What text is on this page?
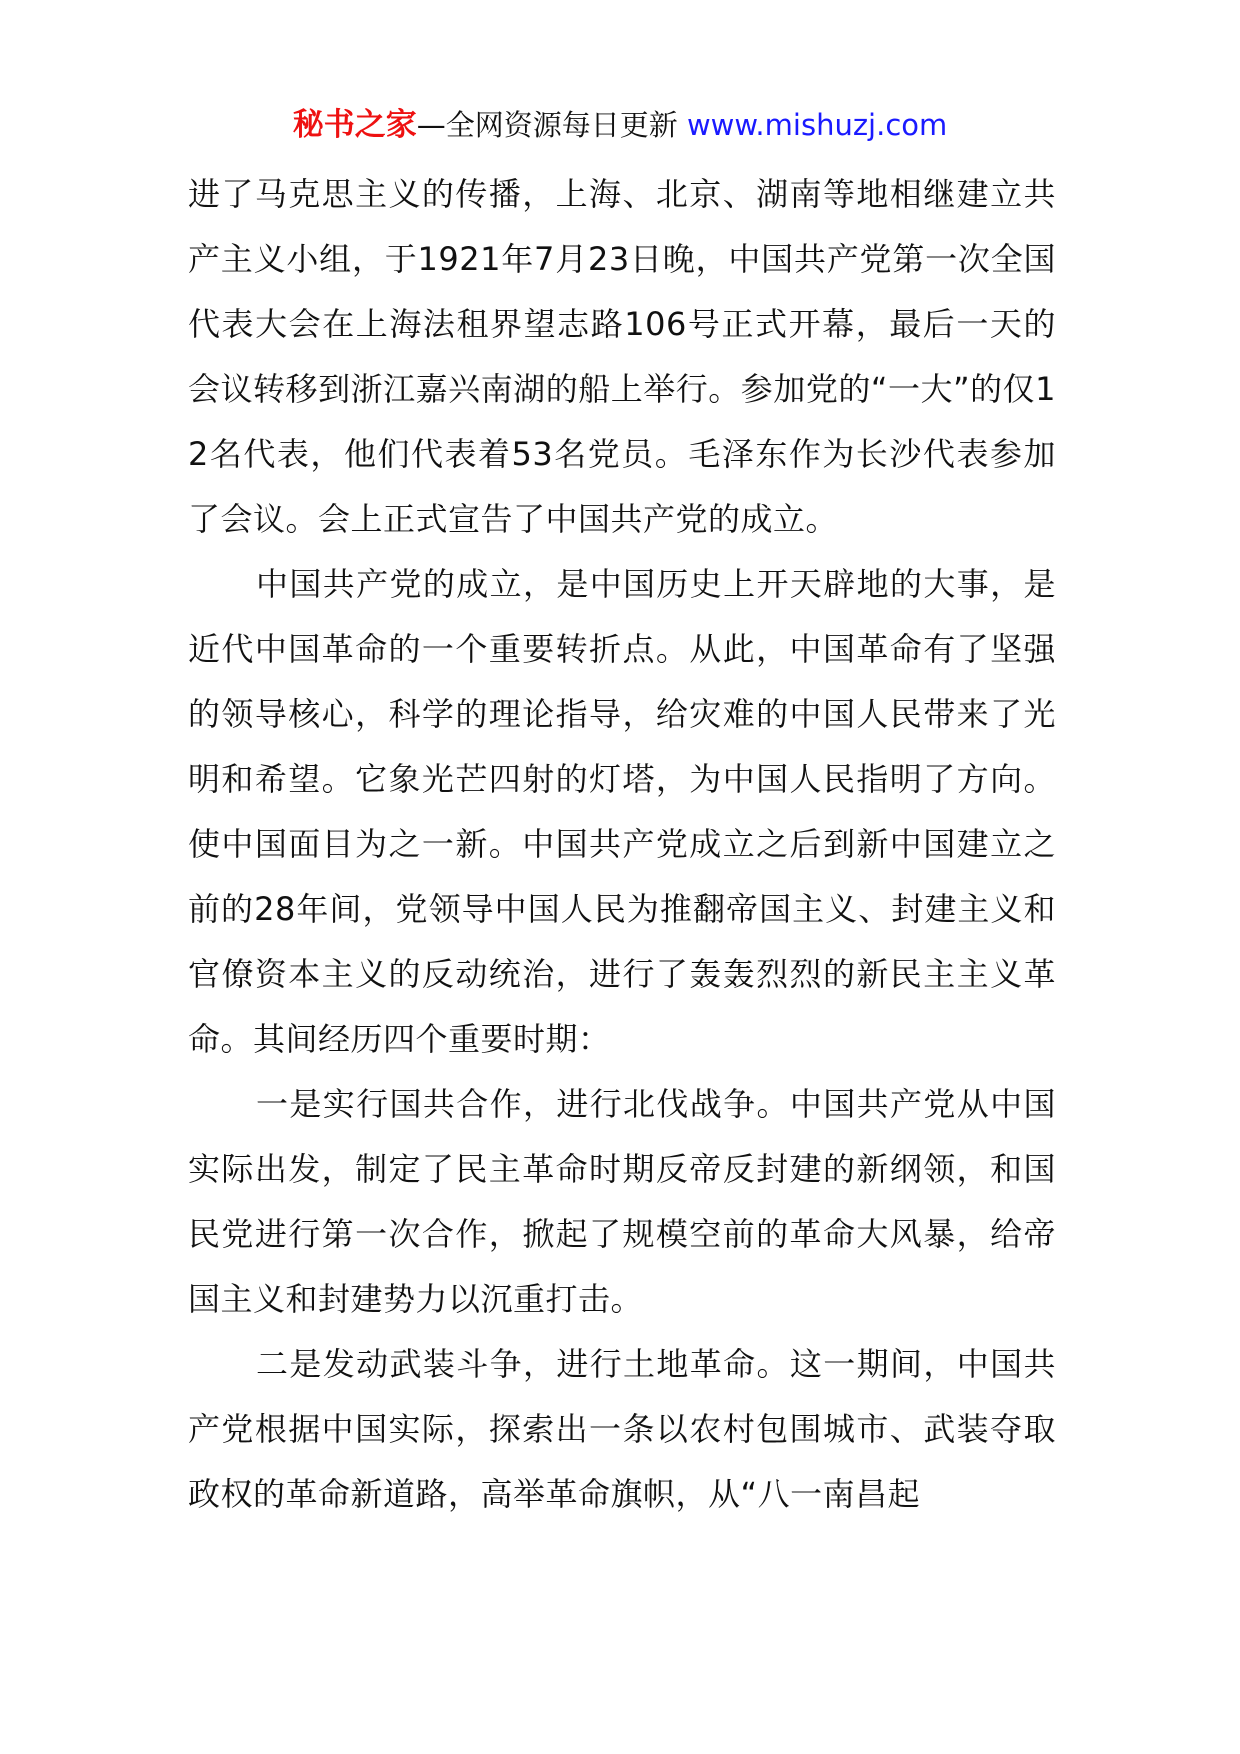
秘书之家—全网资源每日更新 www.mishuzj.com

进了马克思主义的传播，上海、北京、湖南等地相继建立共产主义小组，于1921年7月23日晚，中国共产党第一次全国代表大会在上海法租界望志路106号正式开幕，最后一天的会议转移到浙江嘉兴南湖的船上举行。参加党的“一大”的仅12名代表，他们代表着53名党员。毛泽东作为长沙代表参加了会议。会上正式宣告了中国共产党的成立。

中国共产党的成立，是中国历史上开天辟地的大事，是近代中国革命的一个重要转折点。从此，中国革命有了坚强的领导核心，科学的理论指导，给灾难的中国人民带来了光明和希望。它象光芒四射的灯塔，为中国人民指明了方向。使中国面目为之一新。中国共产党成立之后到新中国建立之前的28年间，党领导中国人民为推翻帝国主义、封建主义和官僚资本主义的反动统治，进行了轰轰烈烈的新民主主义革命。其间经历四个重要时期：

一是实行国共合作，进行北伐战争。中国共产党从中国实际出发，制定了民主革命时期反帝反封建的新纲领，和国民党进行第一次合作，掀起了规模空前的革命大风暴，给帝国主义和封建势力以沉重打击。

二是发动武装斗争，进行土地革命。这一期间，中国共产党根据中国实际，探索出一条以农村包围城市、武装夺取政权的革命新道路，高举革命旗帜，从“八一南昌起
